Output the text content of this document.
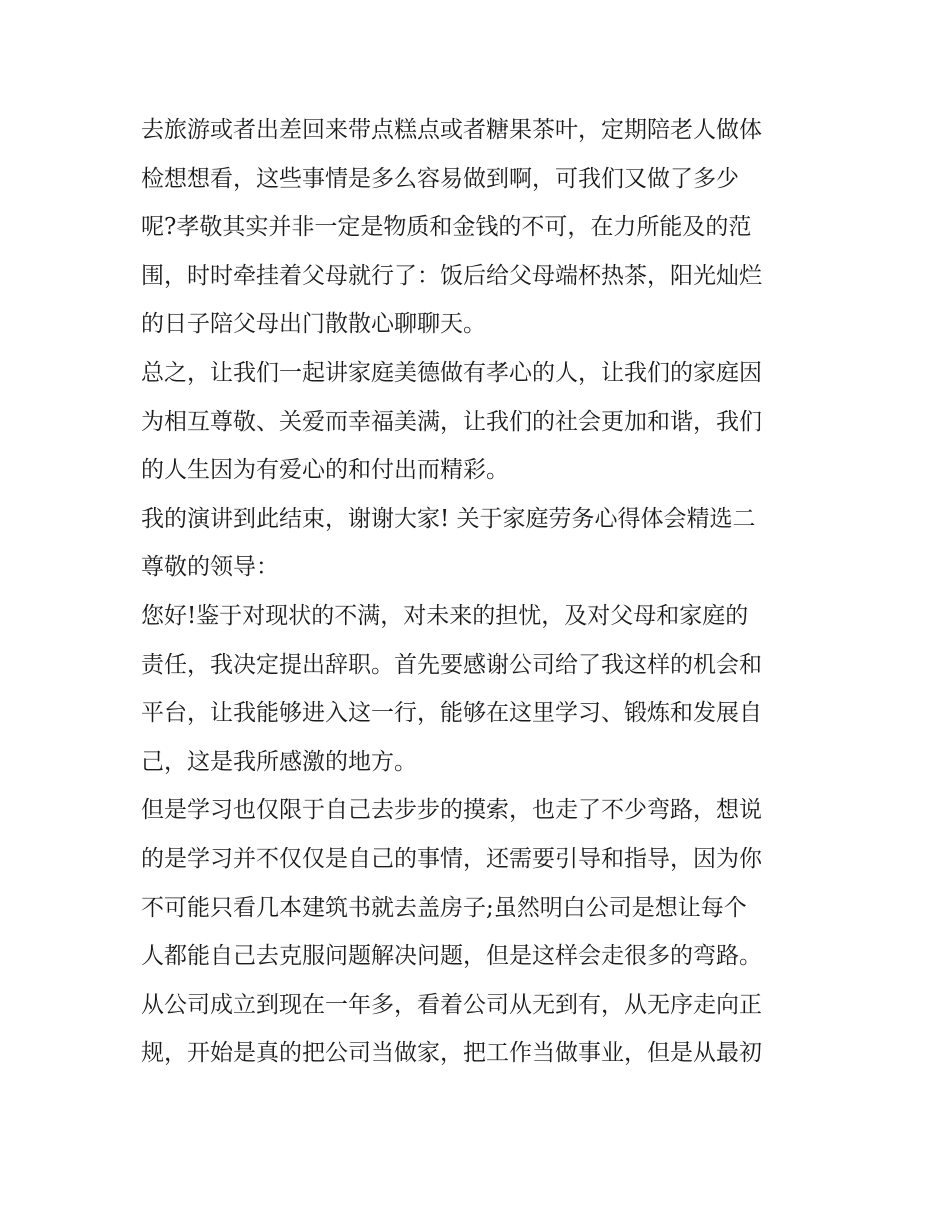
去旅游或者出差回来带点糕点或者糖果茶叶，定期陪老人做体
检想想看，这些事情是多么容易做到啊，可我们又做了多少
呢?孝敬其实并非一定是物质和金钱的不可，在力所能及的范
围，时时牵挂着父母就行了：饭后给父母端杯热茶，阳光灿烂
的日子陪父母出门散散心聊聊天。
总之，让我们一起讲家庭美德做有孝心的人，让我们的家庭因
为相互尊敬、关爱而幸福美满，让我们的社会更加和谐，我们
的人生因为有爱心的和付出而精彩。
我的演讲到此结束，谢谢大家! 关于家庭劳务心得体会精选二
尊敬的领导：
您好!鉴于对现状的不满，对未来的担忧，及对父母和家庭的
责任，我决定提出辞职。首先要感谢公司给了我这样的机会和
平台，让我能够进入这一行，能够在这里学习、锻炼和发展自
己，这是我所感激的地方。
但是学习也仅限于自己去步步的摸索，也走了不少弯路，想说
的是学习并不仅仅是自己的事情，还需要引导和指导，因为你
不可能只看几本建筑书就去盖房子;虽然明白公司是想让每个
人都能自己去克服问题解决问题，但是这样会走很多的弯路。
从公司成立到现在一年多，看着公司从无到有，从无序走向正
规，开始是真的把公司当做家，把工作当做事业，但是从最初
